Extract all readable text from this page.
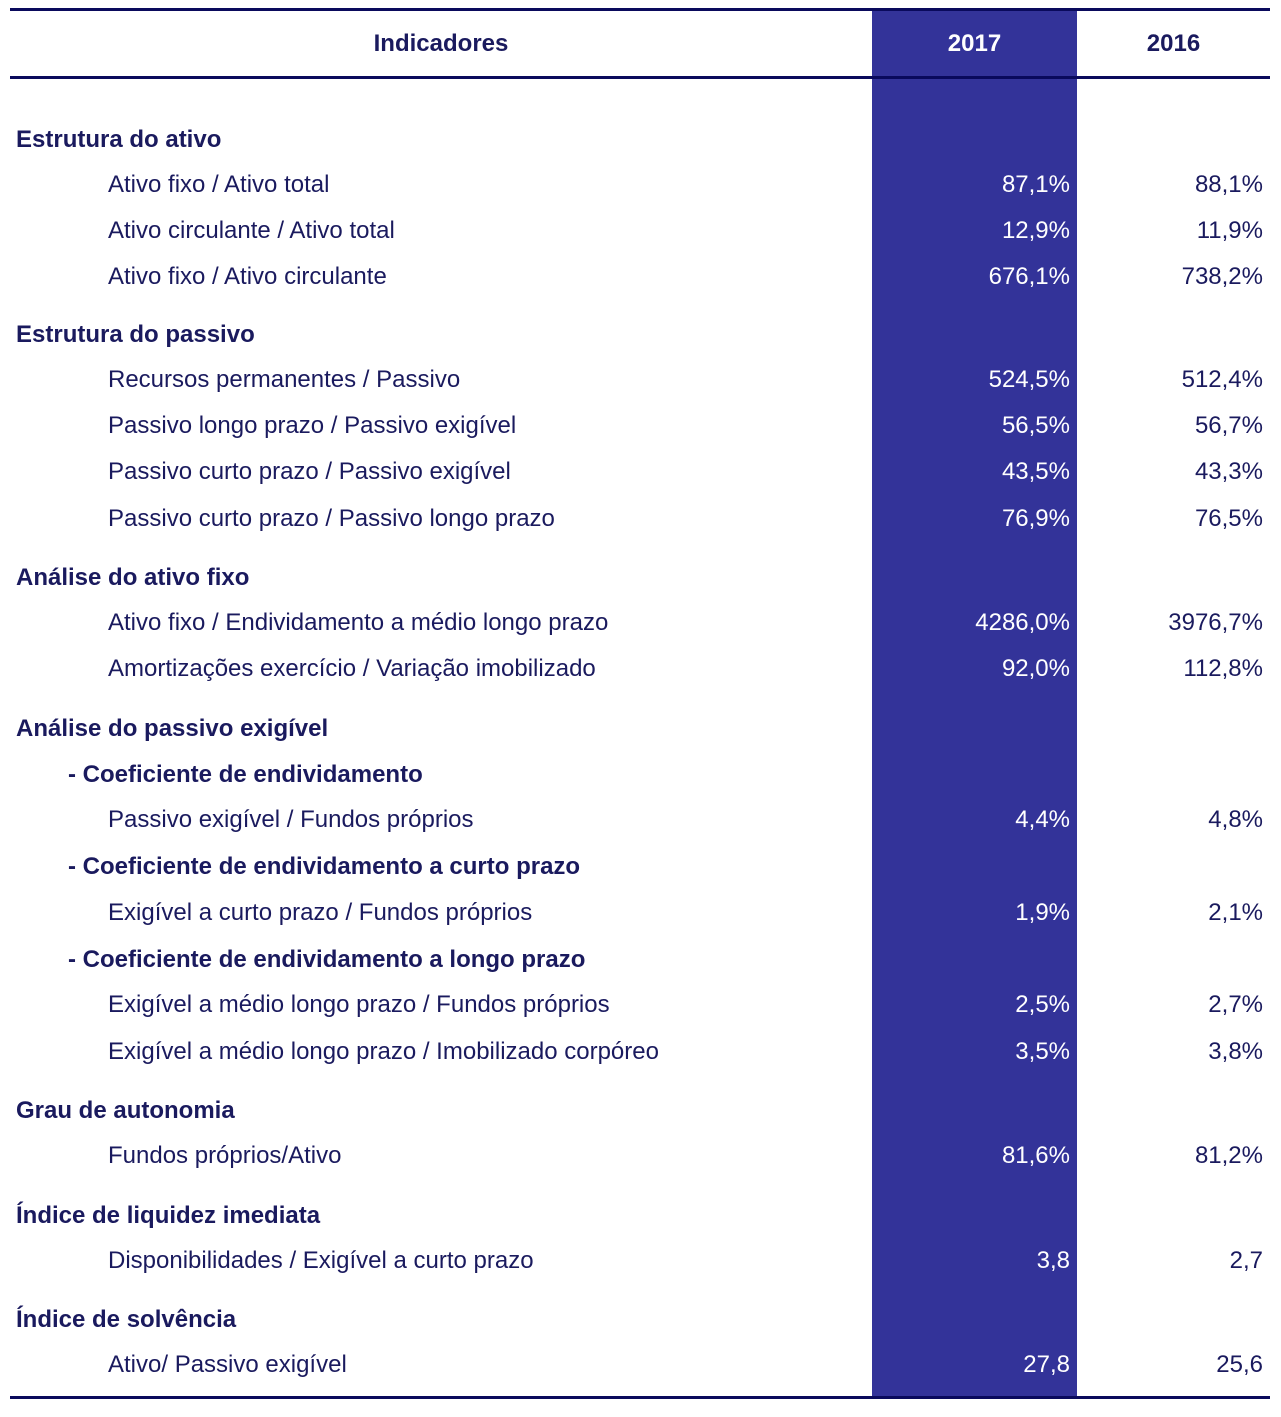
Indicadores	2017	2016
Estrutura do ativo
Ativo fixo / Ativo total	87,1%	88,1%
Ativo circulante / Ativo total	12,9%	11,9%
Ativo fixo / Ativo circulante	676,1%	738,2%
Estrutura do passivo
Recursos permanentes / Passivo	524,5%	512,4%
Passivo longo prazo / Passivo exigível	56,5%	56,7%
Passivo curto prazo / Passivo exigível	43,5%	43,3%
Passivo curto prazo / Passivo longo prazo	76,9%	76,5%
Análise do ativo fixo
Ativo fixo / Endividamento a médio longo prazo	4286,0%	3976,7%
Amortizações exercício / Variação imobilizado	92,0%	112,8%
Análise do passivo exigível
- Coeficiente de endividamento
Passivo exigível / Fundos próprios	4,4%	4,8%
- Coeficiente de endividamento a curto prazo
Exigível a curto prazo / Fundos próprios	1,9%	2,1%
- Coeficiente de endividamento a longo prazo
Exigível a médio longo prazo / Fundos próprios	2,5%	2,7%
Exigível a médio longo prazo / Imobilizado corpóreo	3,5%	3,8%
Grau de autonomia
Fundos próprios/Ativo	81,6%	81,2%
Índice de liquidez imediata
Disponibilidades / Exigível a curto prazo	3,8	2,7
Índice de solvência
Ativo/ Passivo exigível	27,8	25,6
